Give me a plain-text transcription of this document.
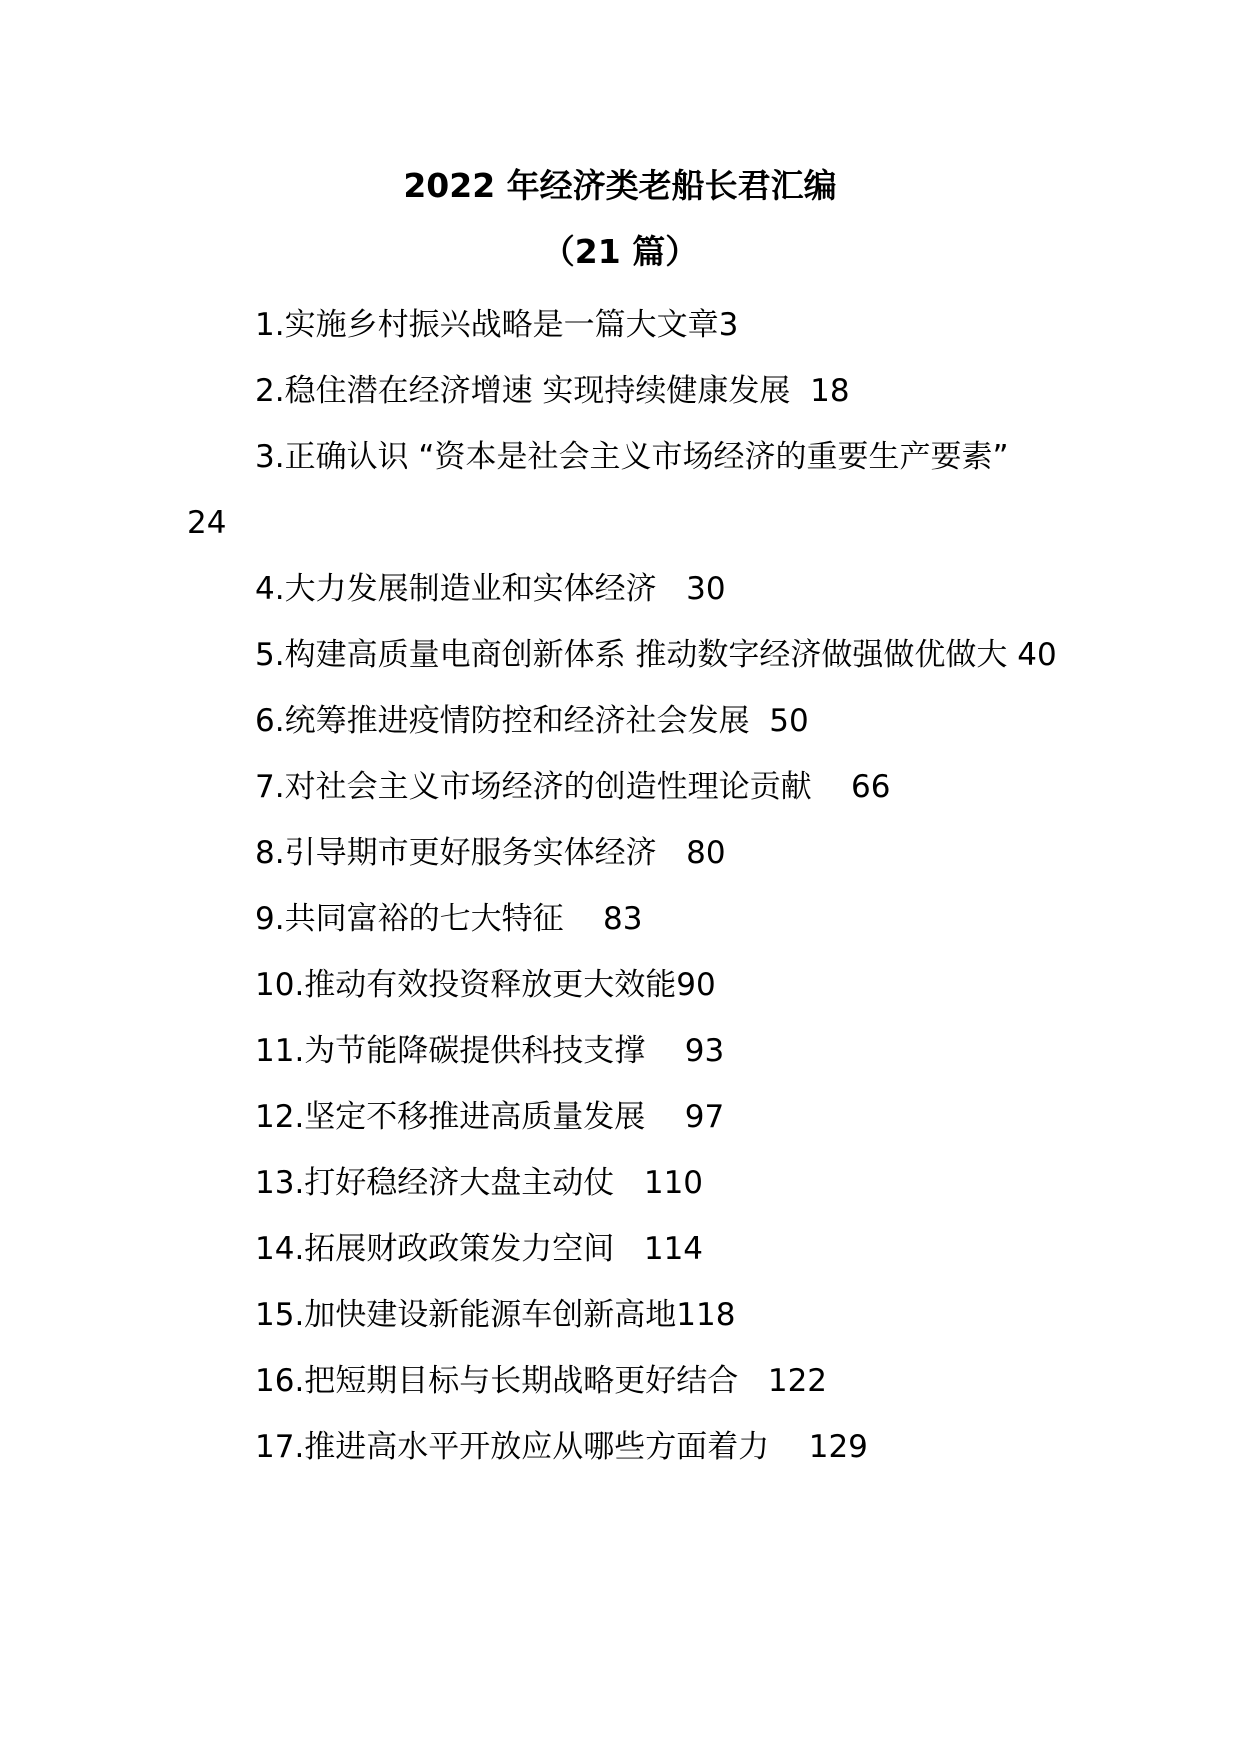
2022 年经济类老船长君汇编
（21 篇）
1.实施乡村振兴战略是一篇大文章3
2.稳住潜在经济增速 实现持续健康发展  18
3.正确认识 “资本是社会主义市场经济的重要生产要素”   24
4.大力发展制造业和实体经济   30
5.构建高质量电商创新体系 推动数字经济做强做优做大 40
6.统筹推进疫情防控和经济社会发展  50
7.对社会主义市场经济的创造性理论贡献    66
8.引导期市更好服务实体经济   80
9.共同富裕的七大特征    83
10.推动有效投资释放更大效能90
11.为节能降碳提供科技支撑    93
12.坚定不移推进高质量发展    97
13.打好稳经济大盘主动仗   110
14.拓展财政政策发力空间   114
15.加快建设新能源车创新高地118
16.把短期目标与长期战略更好结合   122
17.推进高水平开放应从哪些方面着力    129
